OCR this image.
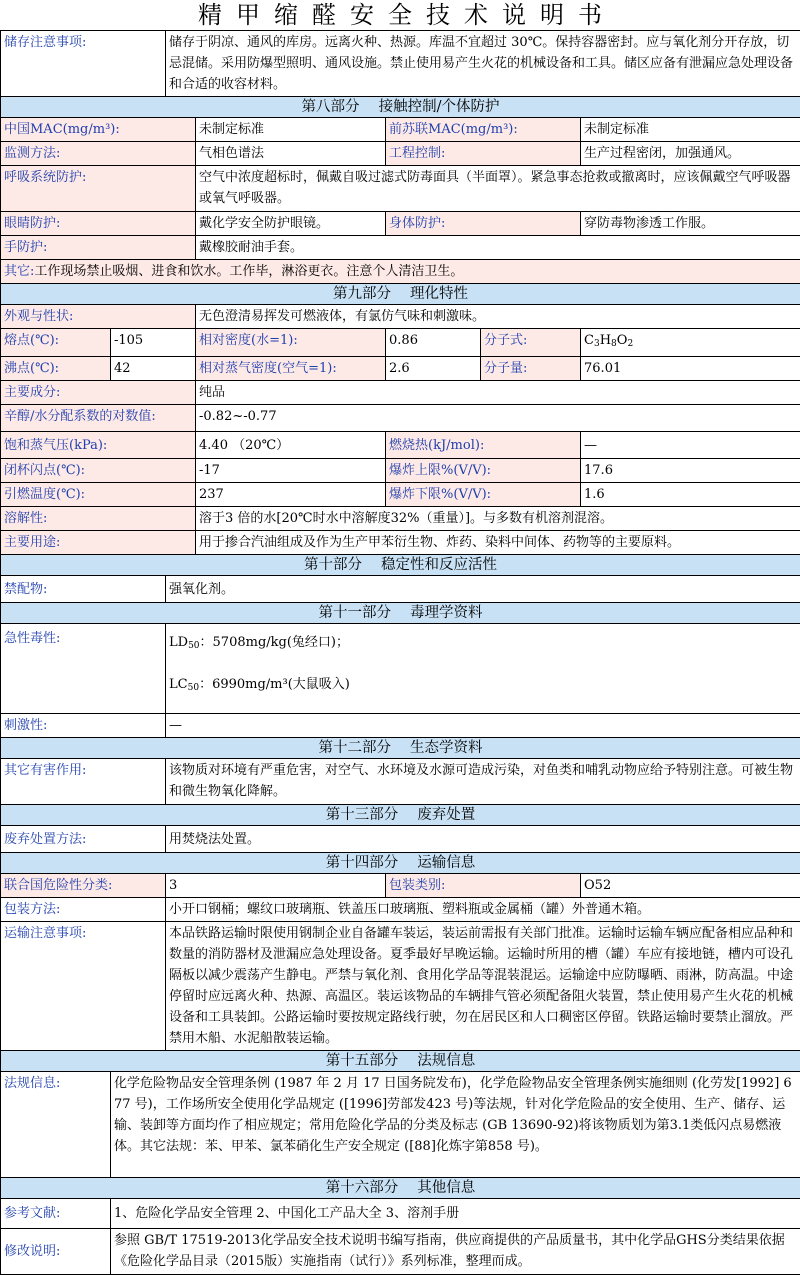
精甲缩醛安全技术说明书
储存注意事项:		储存于阴凉、通风的库房。远离火种、热源。库温不宜超过 30℃。保持容器密封。应与氧化剂分开存放，切忌混储。采用防爆型照明、通风设施。禁止使用易产生火花的机械设备和工具。储区应备有泄漏应急处理设备和合适的收容材料。				
第八部分　 接触控制/个体防护						
中国MAC(mg/m³):			未制定标准	前苏联MAC(mg/m³):		未制定标准
监测方法:			气相色谱法	工程控制:		生产过程密闭，加强通风。
呼吸系统防护:			空气中浓度超标时，佩戴自吸过滤式防毒面具（半面罩）。紧急事态抢救或撤离时，应该佩戴空气呼吸器或氧气呼吸器。			
眼睛防护:			戴化学安全防护眼镜。	身体防护:		穿防毒物渗透工作服。
手防护:			戴橡胶耐油手套。			
其它:工作现场禁止吸烟、进食和饮水。工作毕，淋浴更衣。注意个人清洁卫生。						
第九部分　 理化特性						
外观与性状:			无色澄清易挥发可燃液体，有氯仿气味和刺激味。			
熔点(℃):	-105		相对密度(水=1):	0.86	分子式:	$C_3H_8O_2$
沸点(℃):	42		相对蒸气密度(空气=1):	2.6	分子量:	76.01
主要成分:			纯品			
辛醇/水分配系数的对数值:			-0.82~-0.77			
饱和蒸气压(kPa):			4.40 （20℃）	燃烧热(kJ/mol):		—
闭杯闪点(℃):			-17	爆炸上限%(V/V):		17.6
引燃温度(℃):			237	爆炸下限%(V/V):		1.6
溶解性:			溶于3 倍的水[20℃时水中溶解度32%（重量）]。与多数有机溶剂混溶。			
主要用途:			用于掺合汽油组成及作为生产甲苯衍生物、炸药、染料中间体、药物等的主要原料。			
第十部分　 稳定性和反应活性						
禁配物:		强氧化剂。				
第十一部分　 毒理学资料						
急性毒性:		$LD_{50}$：5708mg/kg(兔经口)；
$LC_{50}$：6990mg/m³(大鼠吸入)				

刺激性:		—				
第十二部分　 生态学资料						
其它有害作用:		该物质对环境有严重危害，对空气、水环境及水源可造成污染，对鱼类和哺乳动物应给予特别注意。可被生物和微生物氧化降解。				
第十三部分　 废弃处置						
废弃处置方法:		用焚烧法处置。				
第十四部分　 运输信息						
联合国危险性分类:		3		包装类别:		O52
包装方法:		小开口钢桶；螺纹口玻璃瓶、铁盖压口玻璃瓶、塑料瓶或金属桶（罐）外普通木箱。				
运输注意事项:		本品铁路运输时限使用钢制企业自备罐车装运，装运前需报有关部门批准。运输时运输车辆应配备相应品种和数量的消防器材及泄漏应急处理设备。夏季最好早晚运输。运输时所用的槽（罐）车应有接地链，槽内可设孔隔板以减少震荡产生静电。严禁与氧化剂、食用化学品等混装混运。运输途中应防曝晒、雨淋，防高温。中途停留时应远离火种、热源、高温区。装运该物品的车辆排气管必须配备阻火装置，禁止使用易产生火花的机械设备和工具装卸。公路运输时要按规定路线行驶，勿在居民区和人口稠密区停留。铁路运输时要禁止溜放。严禁用木船、水泥船散装运输。				
第十五部分　 法规信息						
法规信息:	化学危险物品安全管理条例 (1987 年 2 月 17 日国务院发布)，化学危险物品安全管理条例实施细则 (化劳发[1992] 677 号)，工作场所安全使用化学品规定 ([1996]劳部发423 号)等法规，针对化学危险品的安全使用、生产、储存、运输、装卸等方面均作了相应规定；常用危险化学品的分类及标志 (GB 13690-92)将该物质划为第3.1类低闪点易燃液体。其它法规：苯、甲苯、氯苯硝化生产安全规定 ([88]化炼字第858 号)。					
第十六部分　 其他信息						
参考文献:	1、危险化学品安全管理 2、中国化工产品大全 3、溶剂手册					
修改说明:	参照 GB/T 17519-2013化学品安全技术说明书编写指南，供应商提供的产品质量书，其中化学品GHS分类结果依据《危险化学品目录（2015版）实施指南（试行）》系列标准，整理而成。					
